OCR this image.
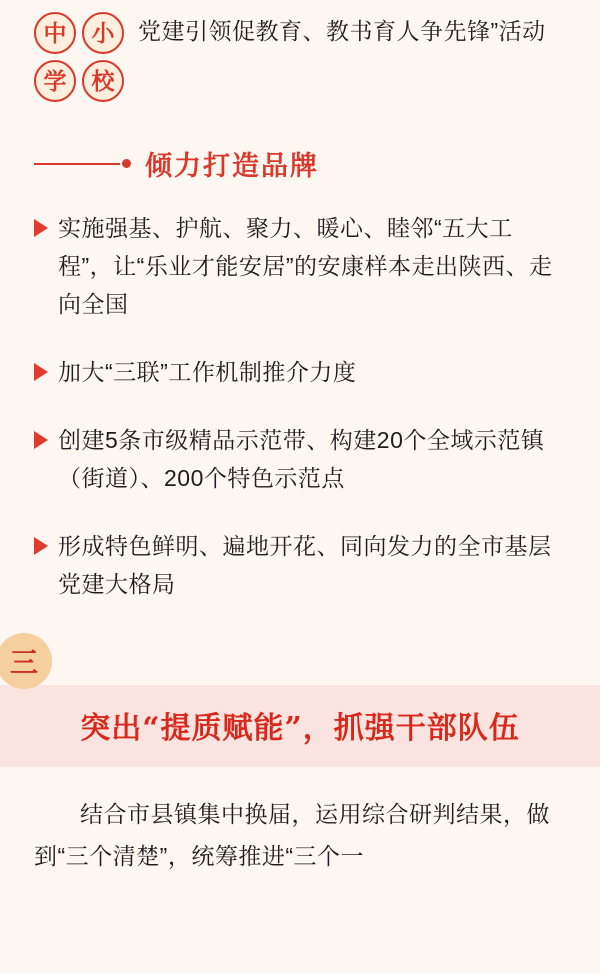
中	小
学	校
党建引领促教育、教书育人争先锋”活动
倾力打造品牌
实施强基、护航、聚力、暖心、睦邻“五大工程”，让“乐业才能安居”的安康样本走出陕西、走向全国
加大“三联”工作机制推介力度
创建5条市级精品示范带、构建20个全域示范镇（街道）、200个特色示范点
形成特色鲜明、遍地开花、同向发力的全市基层党建大格局
三
突出“提质赋能”，抓强干部队伍

结合市县镇集中换届，运用综合研判结果，做到“三个清楚”，统筹推进“三个一
